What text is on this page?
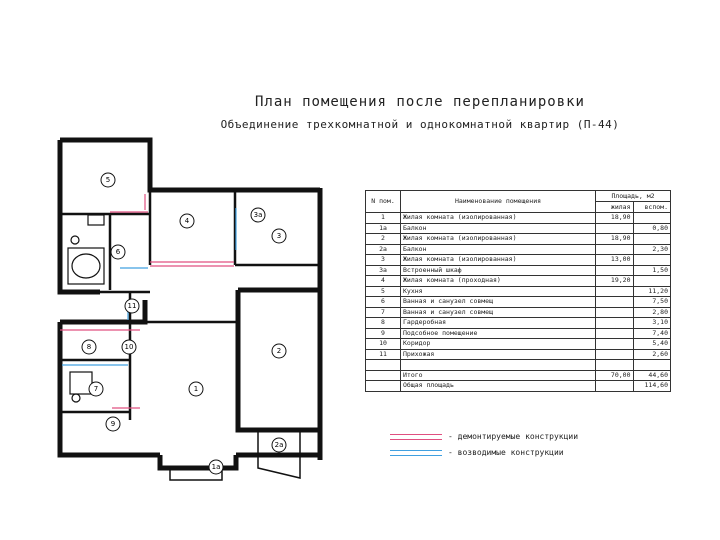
5
4
3а
3
6
11
8	10
7
9
1
2
2а
1а
План помещения после перепланировки
Объединение трехкомнатной и однокомнатной квартир (П-44)
N пом.	Наименование помещения	Площадь, м2	
		жилая	вспом.
1	Жилая комната (изолированная)	18,90	
1а	Балкон		0,80
2	Жилая комната (изолированная)	18,90	
2а	Балкон		2,30
3	Жилая комната (изолированная)	13,00	
3а	Встроенный шкаф		1,50
4	Жилая комната (проходная)	19,20	
5	Кухня		11,20
6	Ванная и санузел совмещ		7,50
7	Ванная и санузел совмещ		2,80
8	Гардеробная		3,10
9	Подсобное помещение		7,40
10	Коридор		5,40
11	Прихожая		2,60

	Итого	70,00	44,60
	Общая площадь		114,60
- демонтируемые конструкции
- возводимые конструкции
